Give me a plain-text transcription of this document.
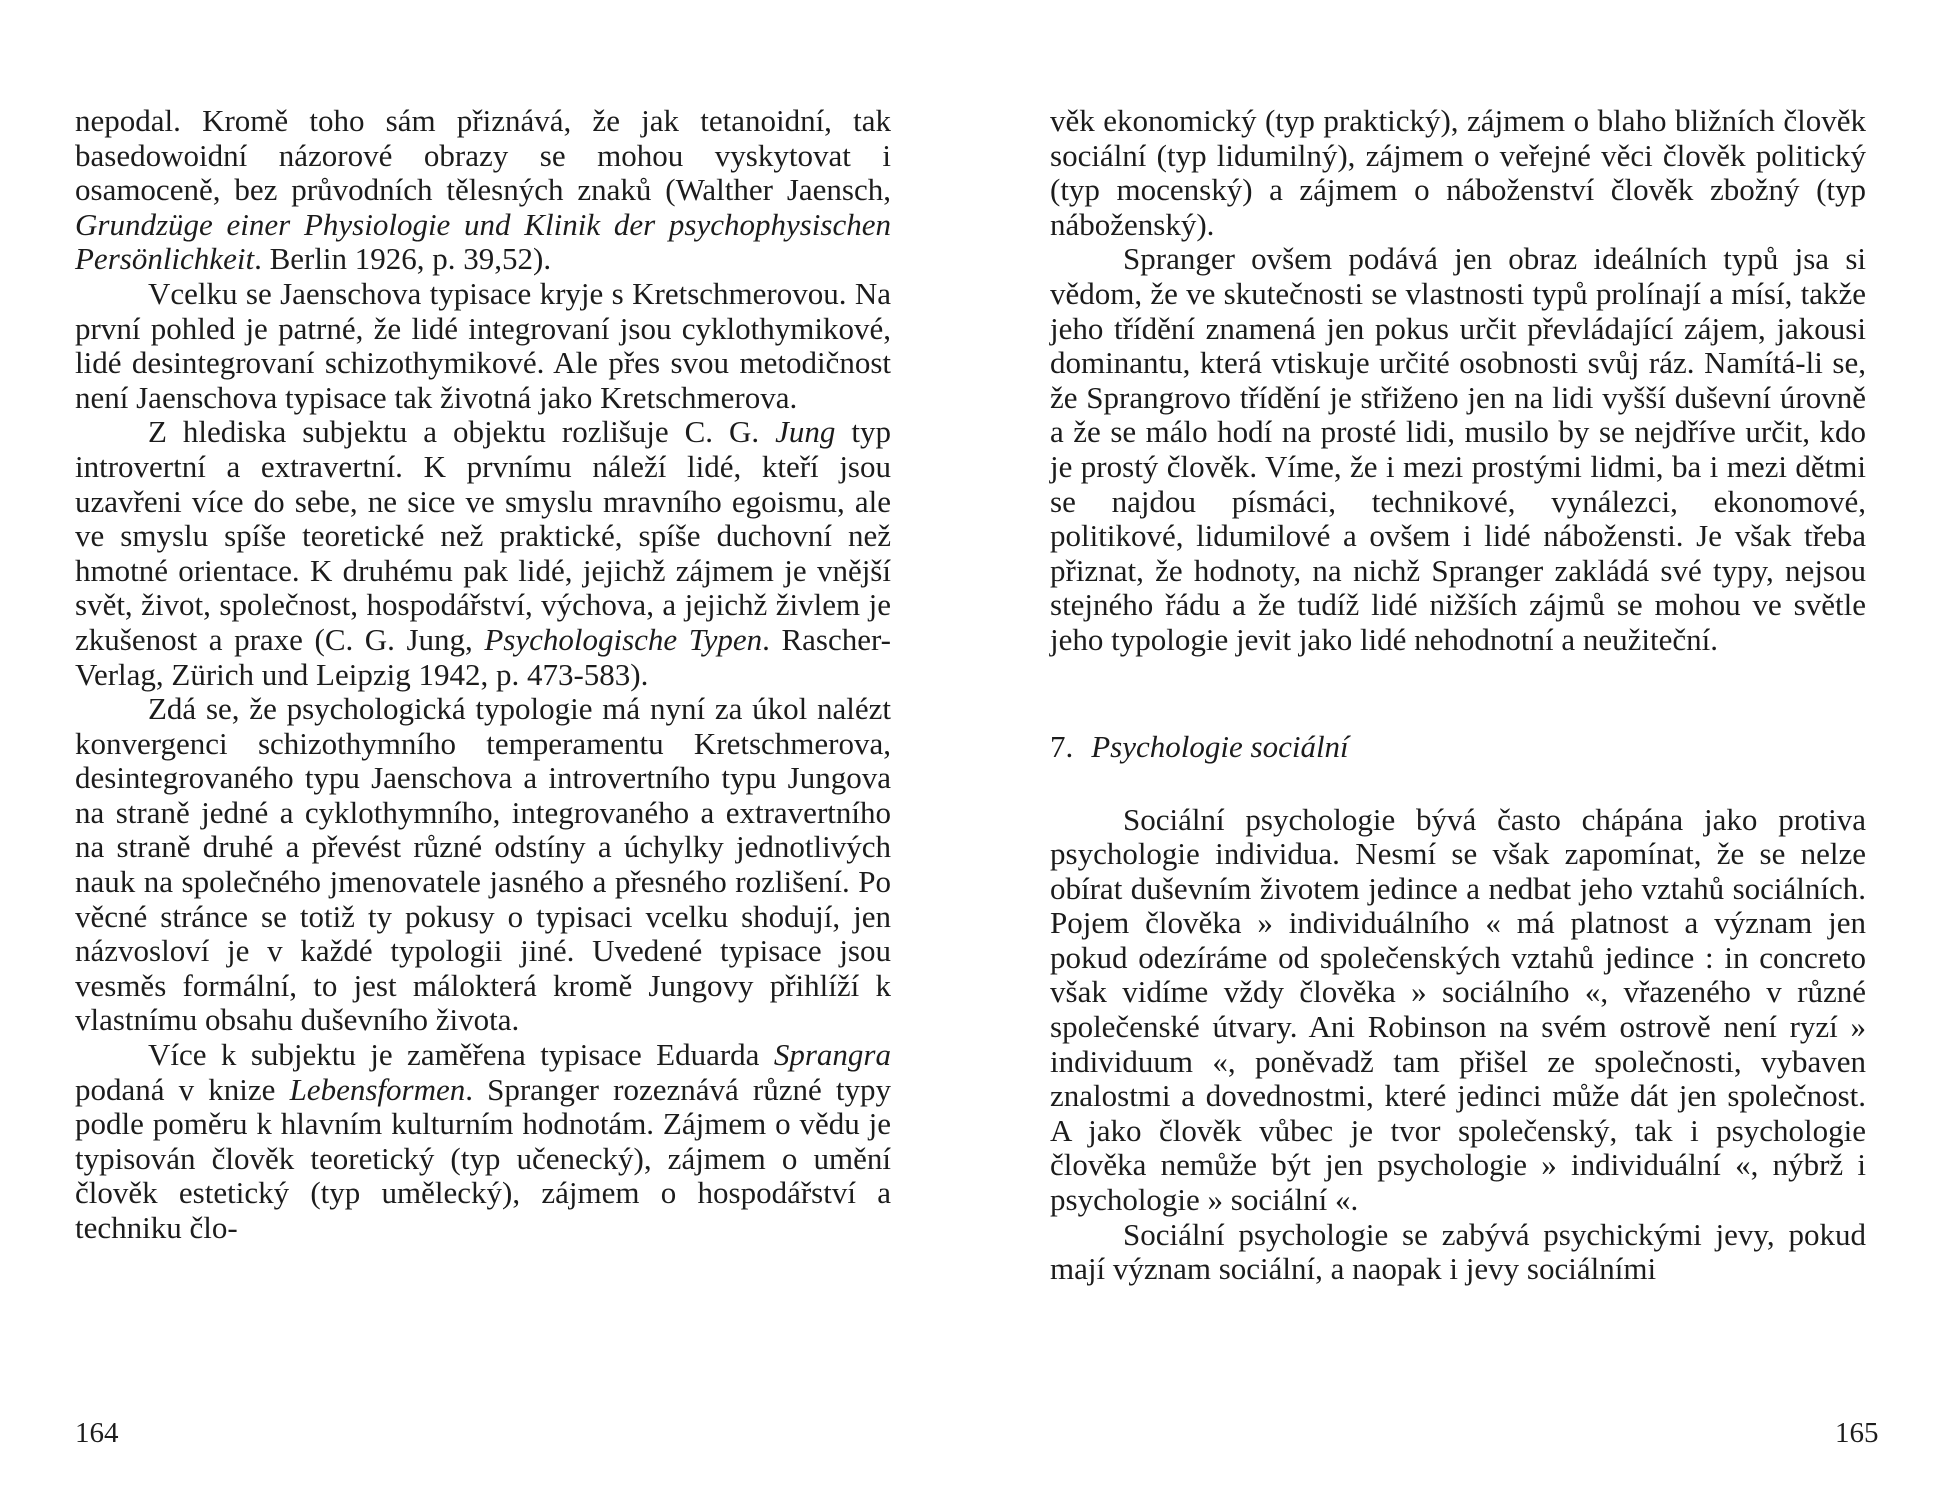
nepodal. Kromě toho sám přiznává, že jak tetanoidní, tak basedowoidní názorové obrazy se mohou vyskytovat i osamoceně, bez průvodních tělesných znaků (Walther Jaensch, Grundzüge einer Physiologie und Klinik der psychophysischen Persönlichkeit. Berlin 1926, p. 39,52).

Vcelku se Jaenschova typisace kryje s Kretschmerovou. Na první pohled je patrné, že lidé integrovaní jsou cyklothymikové, lidé desintegrovaní schizothymikové. Ale přes svou metodičnost není Jaenschova typisace tak životná jako Kretschmerova.

Z hlediska subjektu a objektu rozlišuje C. G. Jung typ introvertní a extravertní. K prvnímu náleží lidé, kteří jsou uzavřeni více do sebe, ne sice ve smyslu mravního egoismu, ale ve smyslu spíše teoretické než praktické, spíše duchovní než hmotné orientace. K druhému pak lidé, jejichž zájmem je vnější svět, život, společnost, hospodářství, výchova, a jejichž živlem je zkušenost a praxe (C. G. Jung, Psychologische Typen. Rascher-Verlag, Zürich und Leipzig 1942, p. 473-583).

Zdá se, že psychologická typologie má nyní za úkol nalézt konvergenci schizothymního temperamentu Kretschmerova, desintegrovaného typu Jaenschova a introvertního typu Jungova na straně jedné a cyklothymního, integrovaného a extravertního na straně druhé a převést různé odstíny a úchylky jednotlivých nauk na společného jmenovatele jasného a přesného rozlišení. Po věcné stránce se totiž ty pokusy o typisaci vcelku shodují, jen názvosloví je v každé typologii jiné. Uvedené typisace jsou vesměs formální, to jest málokterá kromě Jungovy přihlíží k vlastnímu obsahu duševního života.

Více k subjektu je zaměřena typisace Eduarda Sprangra podaná v knize Lebensformen. Spranger rozeznává různé typy podle poměru k hlavním kulturním hodnotám. Zájmem o vědu je typisován člověk teoretický (typ učenecký), zájmem o umění člověk estetický (typ umělecký), zájmem o hospodářství a techniku člo-

věk ekonomický (typ praktický), zájmem o blaho bližních člověk sociální (typ lidumilný), zájmem o veřejné věci člověk politický (typ mocenský) a zájmem o náboženství člověk zbožný (typ náboženský).

Spranger ovšem podává jen obraz ideálních typů jsa si vědom, že ve skutečnosti se vlastnosti typů prolínají a mísí, takže jeho třídění znamená jen pokus určit převládající zájem, jakousi dominantu, která vtiskuje určité osobnosti svůj ráz. Namítá-li se, že Sprangrovo třídění je střiženo jen na lidi vyšší duševní úrovně a že se málo hodí na prosté lidi, musilo by se nejdříve určit, kdo je prostý člověk. Víme, že i mezi prostými lidmi, ba i mezi dětmi se najdou písmáci, technikové, vynálezci, ekonomové, politikové, lidumilové a ovšem i lidé nábožensti. Je však třeba přiznat, že hodnoty, na nichž Spranger zakládá své typy, nejsou stejného řádu a že tudíž lidé nižších zájmů se mohou ve světle jeho typologie jevit jako lidé nehodnotní a neužiteční.

7. Psychologie sociální

Sociální psychologie bývá často chápána jako protiva psychologie individua. Nesmí se však zapomínat, že se nelze obírat duševním životem jedince a nedbat jeho vztahů sociálních. Pojem člověka » individuálního « má platnost a význam jen pokud odezíráme od společenských vztahů jedince : in concreto však vidíme vždy člověka » sociálního «, vřazeného v různé společenské útvary. Ani Robinson na svém ostrově není ryzí » individuum «, poněvadž tam přišel ze společnosti, vybaven znalostmi a dovednostmi, které jedinci může dát jen společnost. A jako člověk vůbec je tvor společenský, tak i psychologie člověka nemůže být jen psychologie » individuální «, nýbrž i psychologie » sociální «.

Sociální psychologie se zabývá psychickými jevy, pokud mají význam sociální, a naopak i jevy sociálními

164	165
